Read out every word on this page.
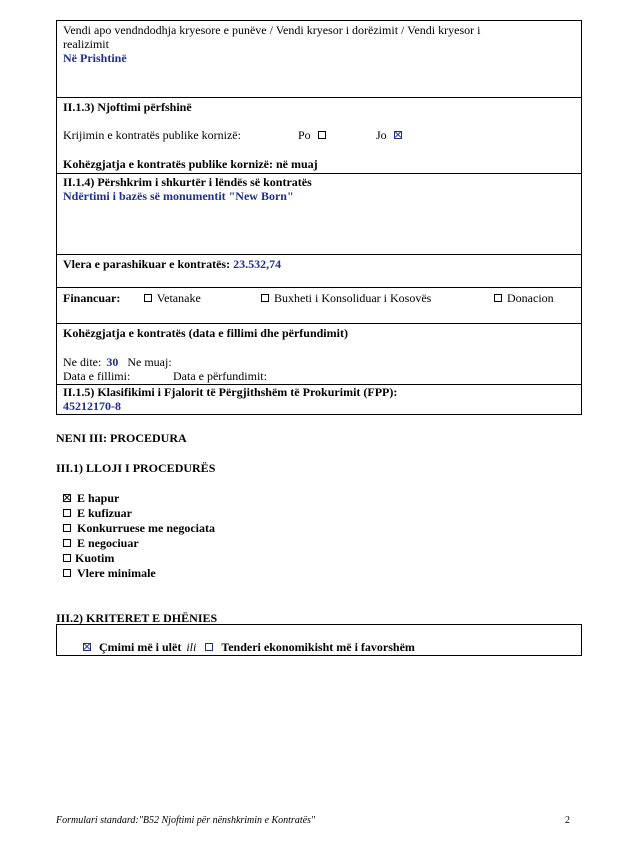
Vendi apo vendndodhja kryesore e punëve / Vendi kryesor i dorëzimit / Vendi kryesor i
realizimit
Në Prishtinë
II.1.3) Njoftimi përfshinë
Krijimin e kontratës publike kornizë:	Po	Jo
Kohëzgjatja e kontratës publike kornizë: në muaj
II.1.4) Përshkrim i shkurtër i lëndës së kontratës
Ndërtimi i bazës së monumentit "New Born"
Vlera e parashikuar e kontratës: 23.532,74
Financuar:	Vetanake	Buxheti i Konsoliduar i Kosovës	Donacion
Kohëzgjatja e kontratës (data e fillimi dhe përfundimit)
Ne dite: 30 Ne muaj:
Data e fillimi:	Data e përfundimit:
II.1.5) Klasifikimi i Fjalorit të Përgjithshëm të Prokurimit (FPP):
45212170-8
NENI III: PROCEDURA
III.1) LLOJI I PROCEDURËS
E hapur
E kufizuar
Konkurruese me negociata
E negociuar
Kuotim
Vlere minimale
III.2) KRITERET E DHËNIES
Çmimi më i ulët ili Tenderi ekonomikisht më i favorshëm
Formulari standard:"B52 Njoftimi për nënshkrimin e Kontratës"	2
